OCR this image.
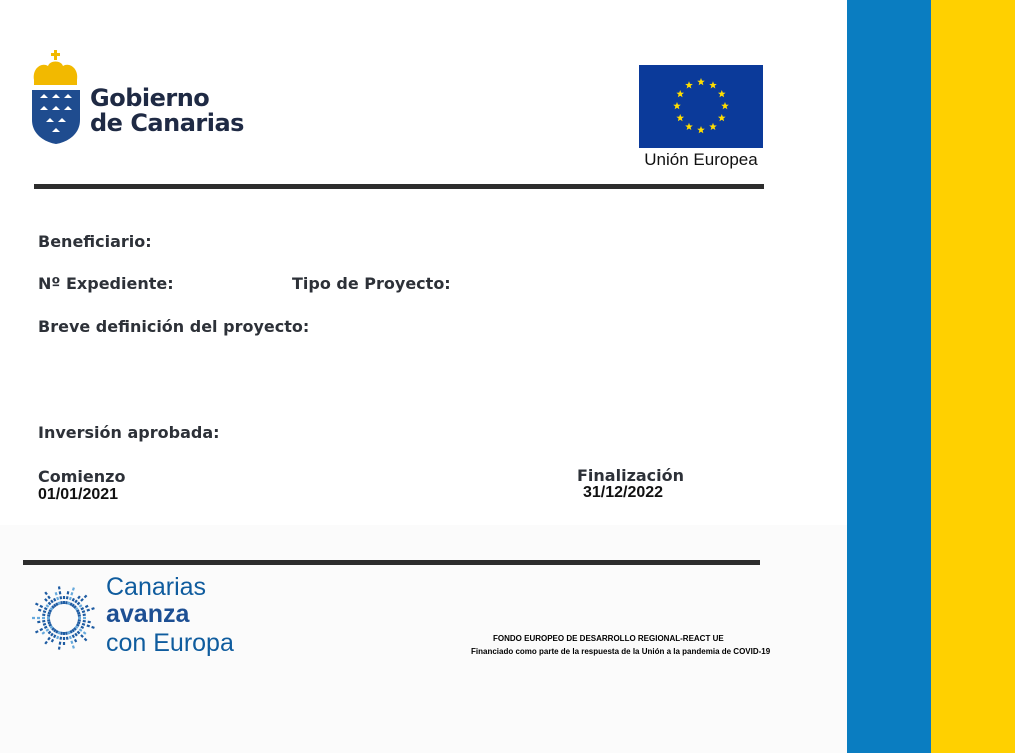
Gobierno
de Canarias
Unión Europea
Beneficiario:
Nº Expediente:	Tipo de Proyecto:
Breve definición del proyecto:
Inversión aprobada:
Comienzo
01/01/2021
Finalización
31/12/2022
Canarias
avanza
con Europa	FONDO EUROPEO DE DESARROLLO REGIONAL-REACT UE
Financiado como parte de la respuesta de la Unión a la pandemia de COVID-19
